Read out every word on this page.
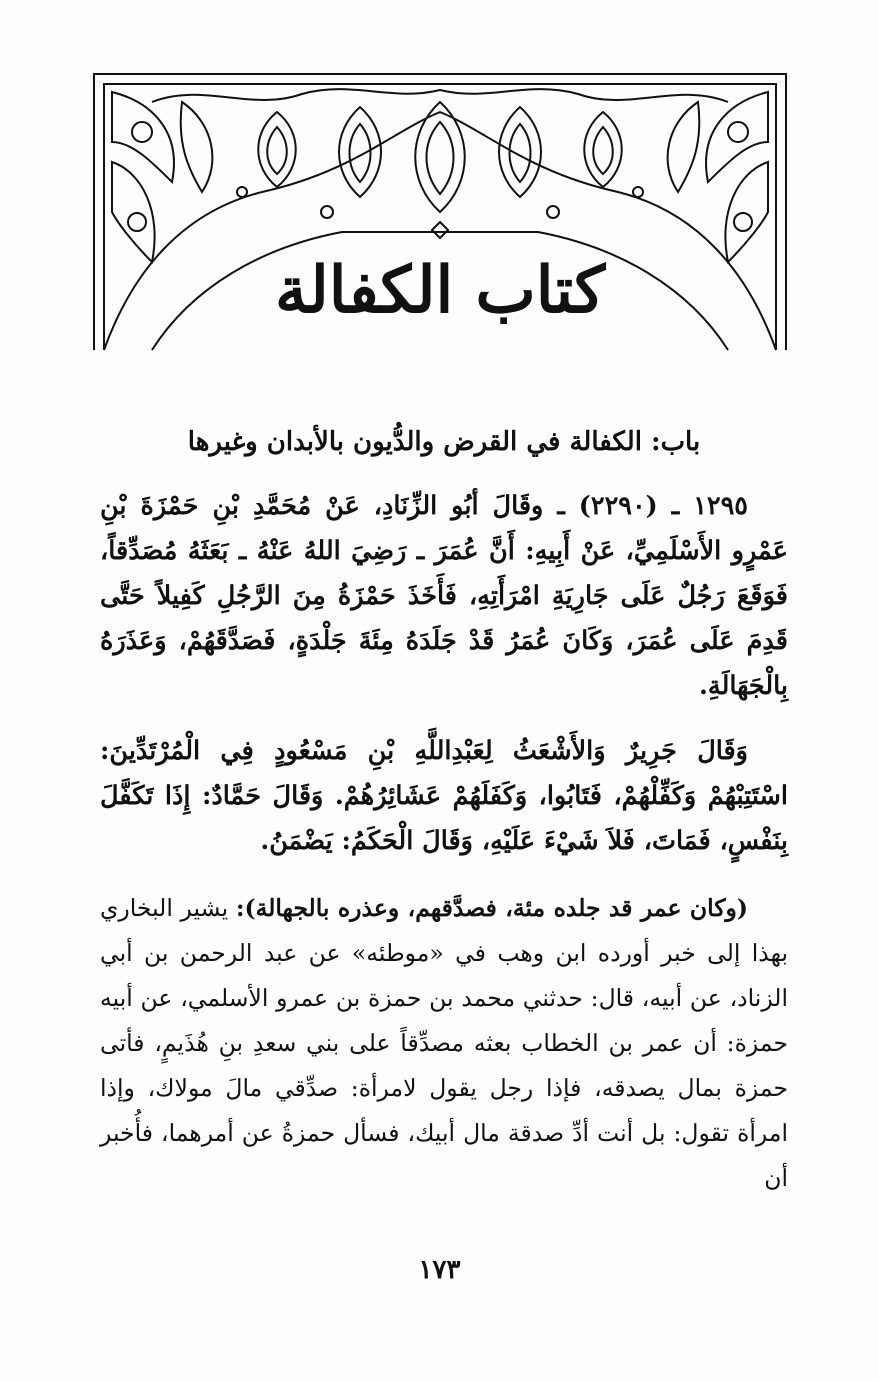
كتاب الكفالة
باب: الكفالة في القرض والدُّيون بالأبدان وغيرها

١٢٩٥ ـ (٢٢٩٠) ـ وقَالَ أبُو الزِّنَادِ، عَنْ مُحَمَّدِ بْنِ حَمْزَةَ بْنِ عَمْرٍو الأَسْلَمِيِّ، عَنْ أَبِيهِ: أَنَّ عُمَرَ ـ رَضِيَ اللهُ عَنْهُ ـ بَعَثَهُ مُصَدِّقاً، فَوَقَعَ رَجُلٌ عَلَى جَارِيَةِ امْرَأَتِهِ، فَأَخَذَ حَمْزَةُ مِنَ الرَّجُلِ كَفِيلاً حَتَّى قَدِمَ عَلَى عُمَرَ، وَكَانَ عُمَرُ قَدْ جَلَدَهُ مِئَةَ جَلْدَةٍ، فَصَدَّقَهُمْ، وَعَذَرَهُ بِالْجَهَالَةِ.

وَقَالَ جَرِيرٌ وَالأَشْعَثُ لِعَبْدِاللَّهِ بْنِ مَسْعُودٍ فِي الْمُرْتَدِّينَ: اسْتَتِبْهُمْ وَكَفِّلْهُمْ، فَتَابُوا، وَكَفَلَهُمْ عَشَائِرُهُمْ. وَقَالَ حَمَّادٌ: إِذَا تَكَفَّلَ بِنَفْسٍ، فَمَاتَ، فَلاَ شَيْءَ عَلَيْهِ، وَقَالَ الْحَكَمُ: يَضْمَنُ.

(وكان عمر قد جلده مئة، فصدَّقهم، وعذره بالجهالة): يشير البخاري بهذا إلى خبر أورده ابن وهب في «موطئه» عن عبد الرحمن بن أبي الزناد، عن أبيه، قال: حدثني محمد بن حمزة بن عمرو الأسلمي، عن أبيه حمزة: أن عمر بن الخطاب بعثه مصدِّقاً على بني سعدِ بنِ هُذَيمٍ، فأتى حمزة بمال يصدقه، فإذا رجل يقول لامرأة: صدِّقي مالَ مولاك، وإذا امرأة تقول: بل أنت أدِّ صدقة مال أبيك، فسأل حمزةُ عن أمرهما، فأُخبر أن

١٧٣
